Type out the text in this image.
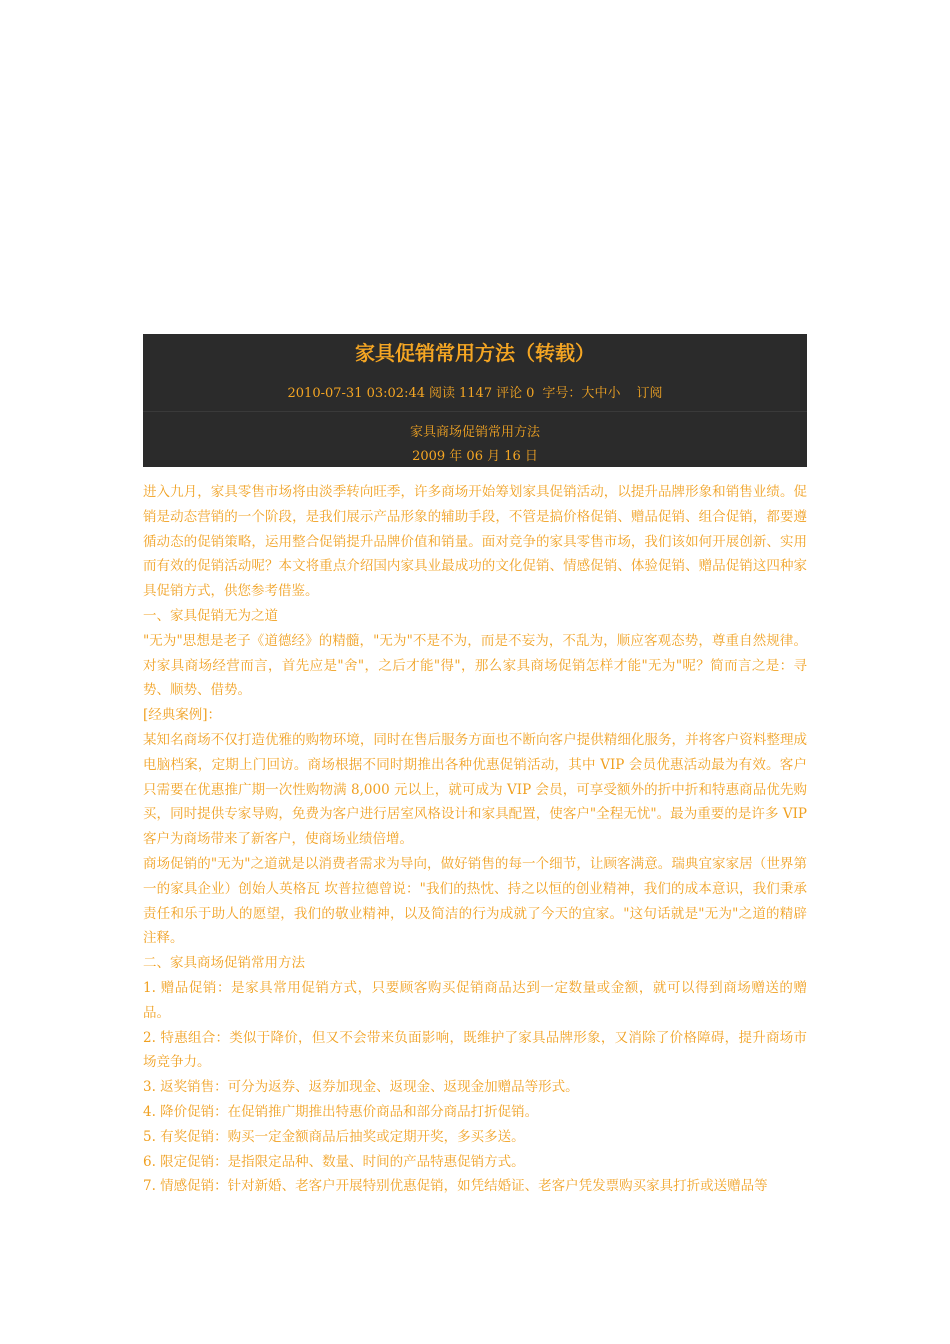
家具促销常用方法（转载）
2010-07-31 03:02:44 阅读 1147 评论 0 字号：大中小 订阅
家具商场促销常用方法
2009 年 06 月 16 日

进入九月，家具零售市场将由淡季转向旺季，许多商场开始筹划家具促销活动，以提升品牌形象和销售业绩。促销是动态营销的一个阶段，是我们展示产品形象的辅助手段，不管是搞价格促销、赠品促销、组合促销，都要遵循动态的促销策略，运用整合促销提升品牌价值和销量。面对竞争的家具零售市场，我们该如何开展创新、实用而有效的促销活动呢？本文将重点介绍国内家具业最成功的文化促销、情感促销、体验促销、赠品促销这四种家具促销方式，供您参考借鉴。

一、家具促销无为之道

"无为"思想是老子《道德经》的精髓，"无为"不是不为，而是不妄为，不乱为，顺应客观态势，尊重自然规律。对家具商场经营而言，首先应是"舍"，之后才能"得"，那么家具商场促销怎样才能"无为"呢？简而言之是：寻势、顺势、借势。

[经典案例]：

某知名商场不仅打造优雅的购物环境，同时在售后服务方面也不断向客户提供精细化服务，并将客户资料整理成电脑档案，定期上门回访。商场根据不同时期推出各种优惠促销活动，其中 VIP 会员优惠活动最为有效。客户只需要在优惠推广期一次性购物满 8,000 元以上，就可成为 VIP 会员，可享受额外的折中折和特惠商品优先购买，同时提供专家导购，免费为客户进行居室风格设计和家具配置，使客户"全程无忧"。最为重要的是许多 VIP 客户为商场带来了新客户，使商场业绩倍增。

商场促销的"无为"之道就是以消费者需求为导向，做好销售的每一个细节，让顾客满意。瑞典宜家家居（世界第一的家具企业）创始人英格瓦 坎普拉德曾说："我们的热忱、持之以恒的创业精神，我们的成本意识，我们秉承责任和乐于助人的愿望，我们的敬业精神，以及简洁的行为成就了今天的宜家。"这句话就是"无为"之道的精辟注释。

二、家具商场促销常用方法

1. 赠品促销：是家具常用促销方式，只要顾客购买促销商品达到一定数量或金额，就可以得到商场赠送的赠品。

2. 特惠组合：类似于降价，但又不会带来负面影响，既维护了家具品牌形象，又消除了价格障碍，提升商场市场竞争力。

3. 返奖销售：可分为返券、返券加现金、返现金、返现金加赠品等形式。

4. 降价促销：在促销推广期推出特惠价商品和部分商品打折促销。

5. 有奖促销：购买一定金额商品后抽奖或定期开奖，多买多送。

6. 限定促销：是指限定品种、数量、时间的产品特惠促销方式。

7. 情感促销：针对新婚、老客户开展特别优惠促销，如凭结婚证、老客户凭发票购买家具打折或送赠品等
